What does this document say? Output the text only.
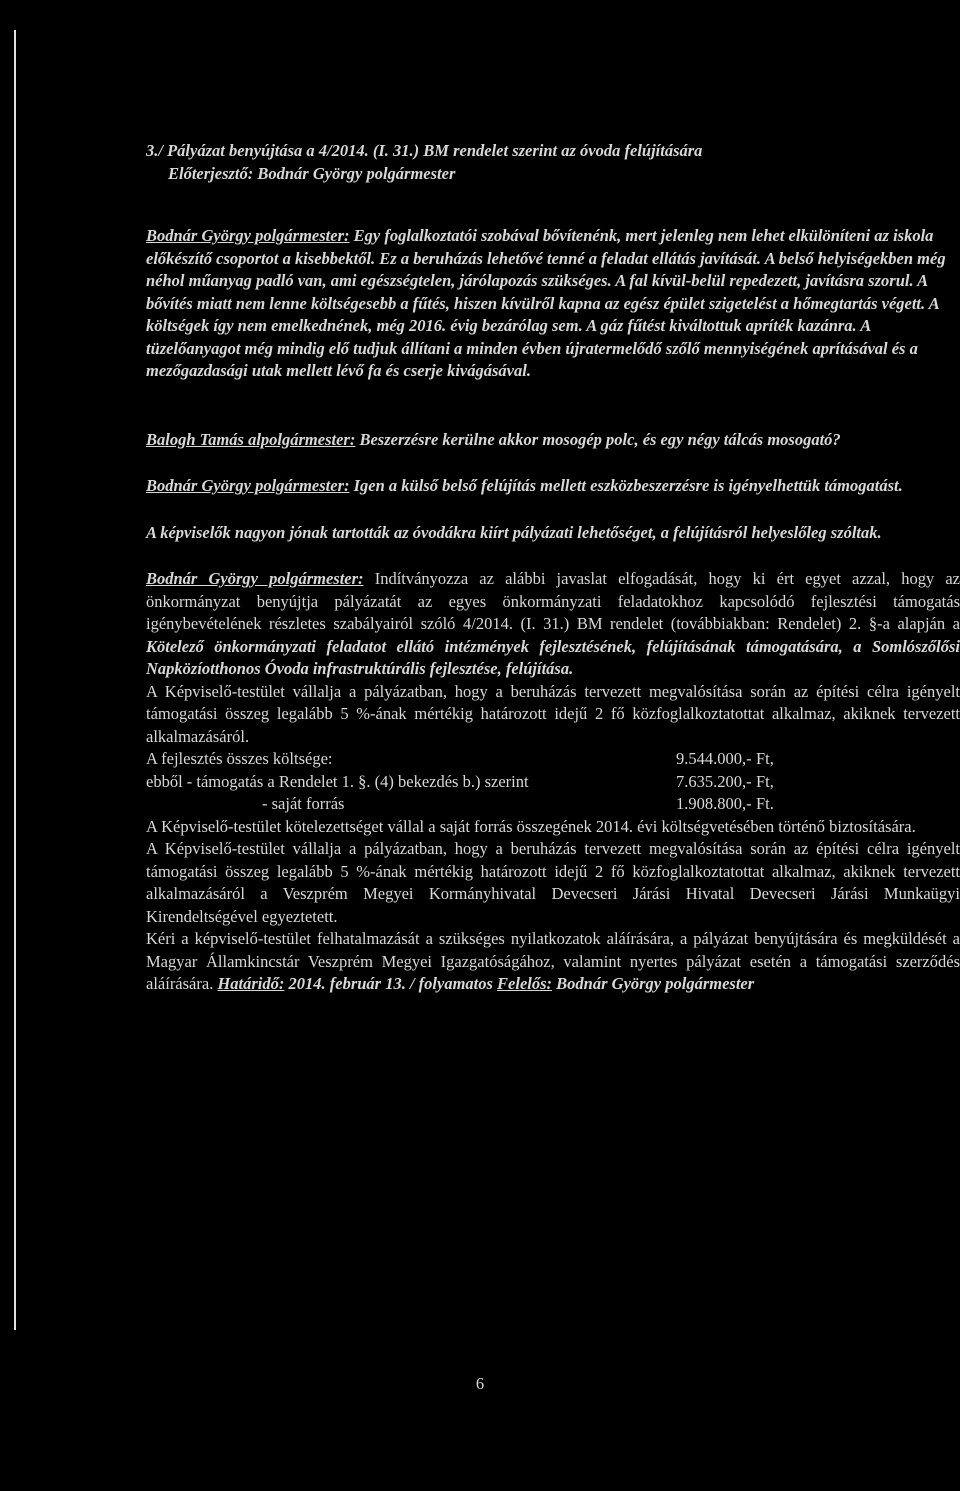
3./ Pályázat benyújtása a 4/2014. (I. 31.) BM rendelet szerint az óvoda felújítására

Előterjesztő: Bodnár György polgármester

Bodnár György polgármester: Egy foglalkoztatói szobával bővítenénk, mert jelenleg nem lehet elkülöníteni az iskola előkészítő csoportot a kisebbektől. Ez a beruházás lehetővé tenné a feladat ellátás javítását. A belső helyiségekben még néhol műanyag padló van, ami egészségtelen, járólapozás szükséges. A fal kívül-belül repedezett, javításra szorul. A bővítés miatt nem lenne költségesebb a fűtés, hiszen kívülről kapna az egész épület szigetelést a hőmegtartás végett. A költségek így nem emelkednének, még 2016. évig bezárólag sem. A gáz fűtést kiváltottuk apríték kazánra. A tüzelőanyagot még mindig elő tudjuk állítani a minden évben újratermelődő szőlő mennyiségének aprításával és a mezőgazdasági utak mellett lévő fa és cserje kivágásával.

Balogh Tamás alpolgármester: Beszerzésre kerülne akkor mosogép polc, és egy négy tálcás mosogató?

Bodnár György polgármester: Igen a külső belső felújítás mellett eszközbeszerzésre is igényelhettük támogatást.

A képviselők nagyon jónak tartották az óvodákra kiírt pályázati lehetőséget, a felújításról helyeslőleg szóltak.

Bodnár György polgármester: Indítványozza az alábbi javaslat elfogadását, hogy ki ért egyet azzal, hogy az önkormányzat benyújtja pályázatát az egyes önkormányzati feladatokhoz kapcsolódó fejlesztési támogatás igénybevételének részletes szabályairól szóló 4/2014. (I. 31.) BM rendelet (továbbiakban: Rendelet) 2. §-a alapján a Kötelező önkormányzati feladatot ellátó intézmények fejlesztésének, felújításának támogatására, a Somlószőlősi Napközíotthonos Óvoda infrastruktúrális fejlesztése, felújítása.

A Képviselő-testület vállalja a pályázatban, hogy a beruházás tervezett megvalósítása során az építési célra igényelt támogatási összeg legalább 5 %-ának mértékig határozott idejű 2 fő közfoglalkoztatottat alkalmaz, akiknek tervezett alkalmazásáról.

A fejlesztés összes költsége:	9.544.000,- Ft,
ebből - támogatás a Rendelet 1. §. (4) bekezdés b.) szerint	7.635.200,- Ft,
- saját forrás	1.908.800,- Ft.

A Képviselő-testület kötelezettséget vállal a saját forrás összegének 2014. évi költségvetésében történő biztosítására.

A Képviselő-testület vállalja a pályázatban, hogy a beruházás tervezett megvalósítása során az építési célra igényelt támogatási összeg legalább 5 %-ának mértékig határozott idejű 2 fő közfoglalkoztatottat alkalmaz, akiknek tervezett alkalmazásáról a Veszprém Megyei Kormányhivatal Devecseri Járási Hivatal Devecseri Járási Munkaügyi Kirendeltségével egyeztetett.

Kéri a képviselő-testület felhatalmazását a szükséges nyilatkozatok aláírására, a pályázat benyújtására és megküldését a Magyar Államkincstár Veszprém Megyei Igazgatóságához, valamint nyertes pályázat esetén a támogatási szerződés aláírására. Határidő: 2014. február 13. / folyamatos Felelős: Bodnár György polgármester

6
